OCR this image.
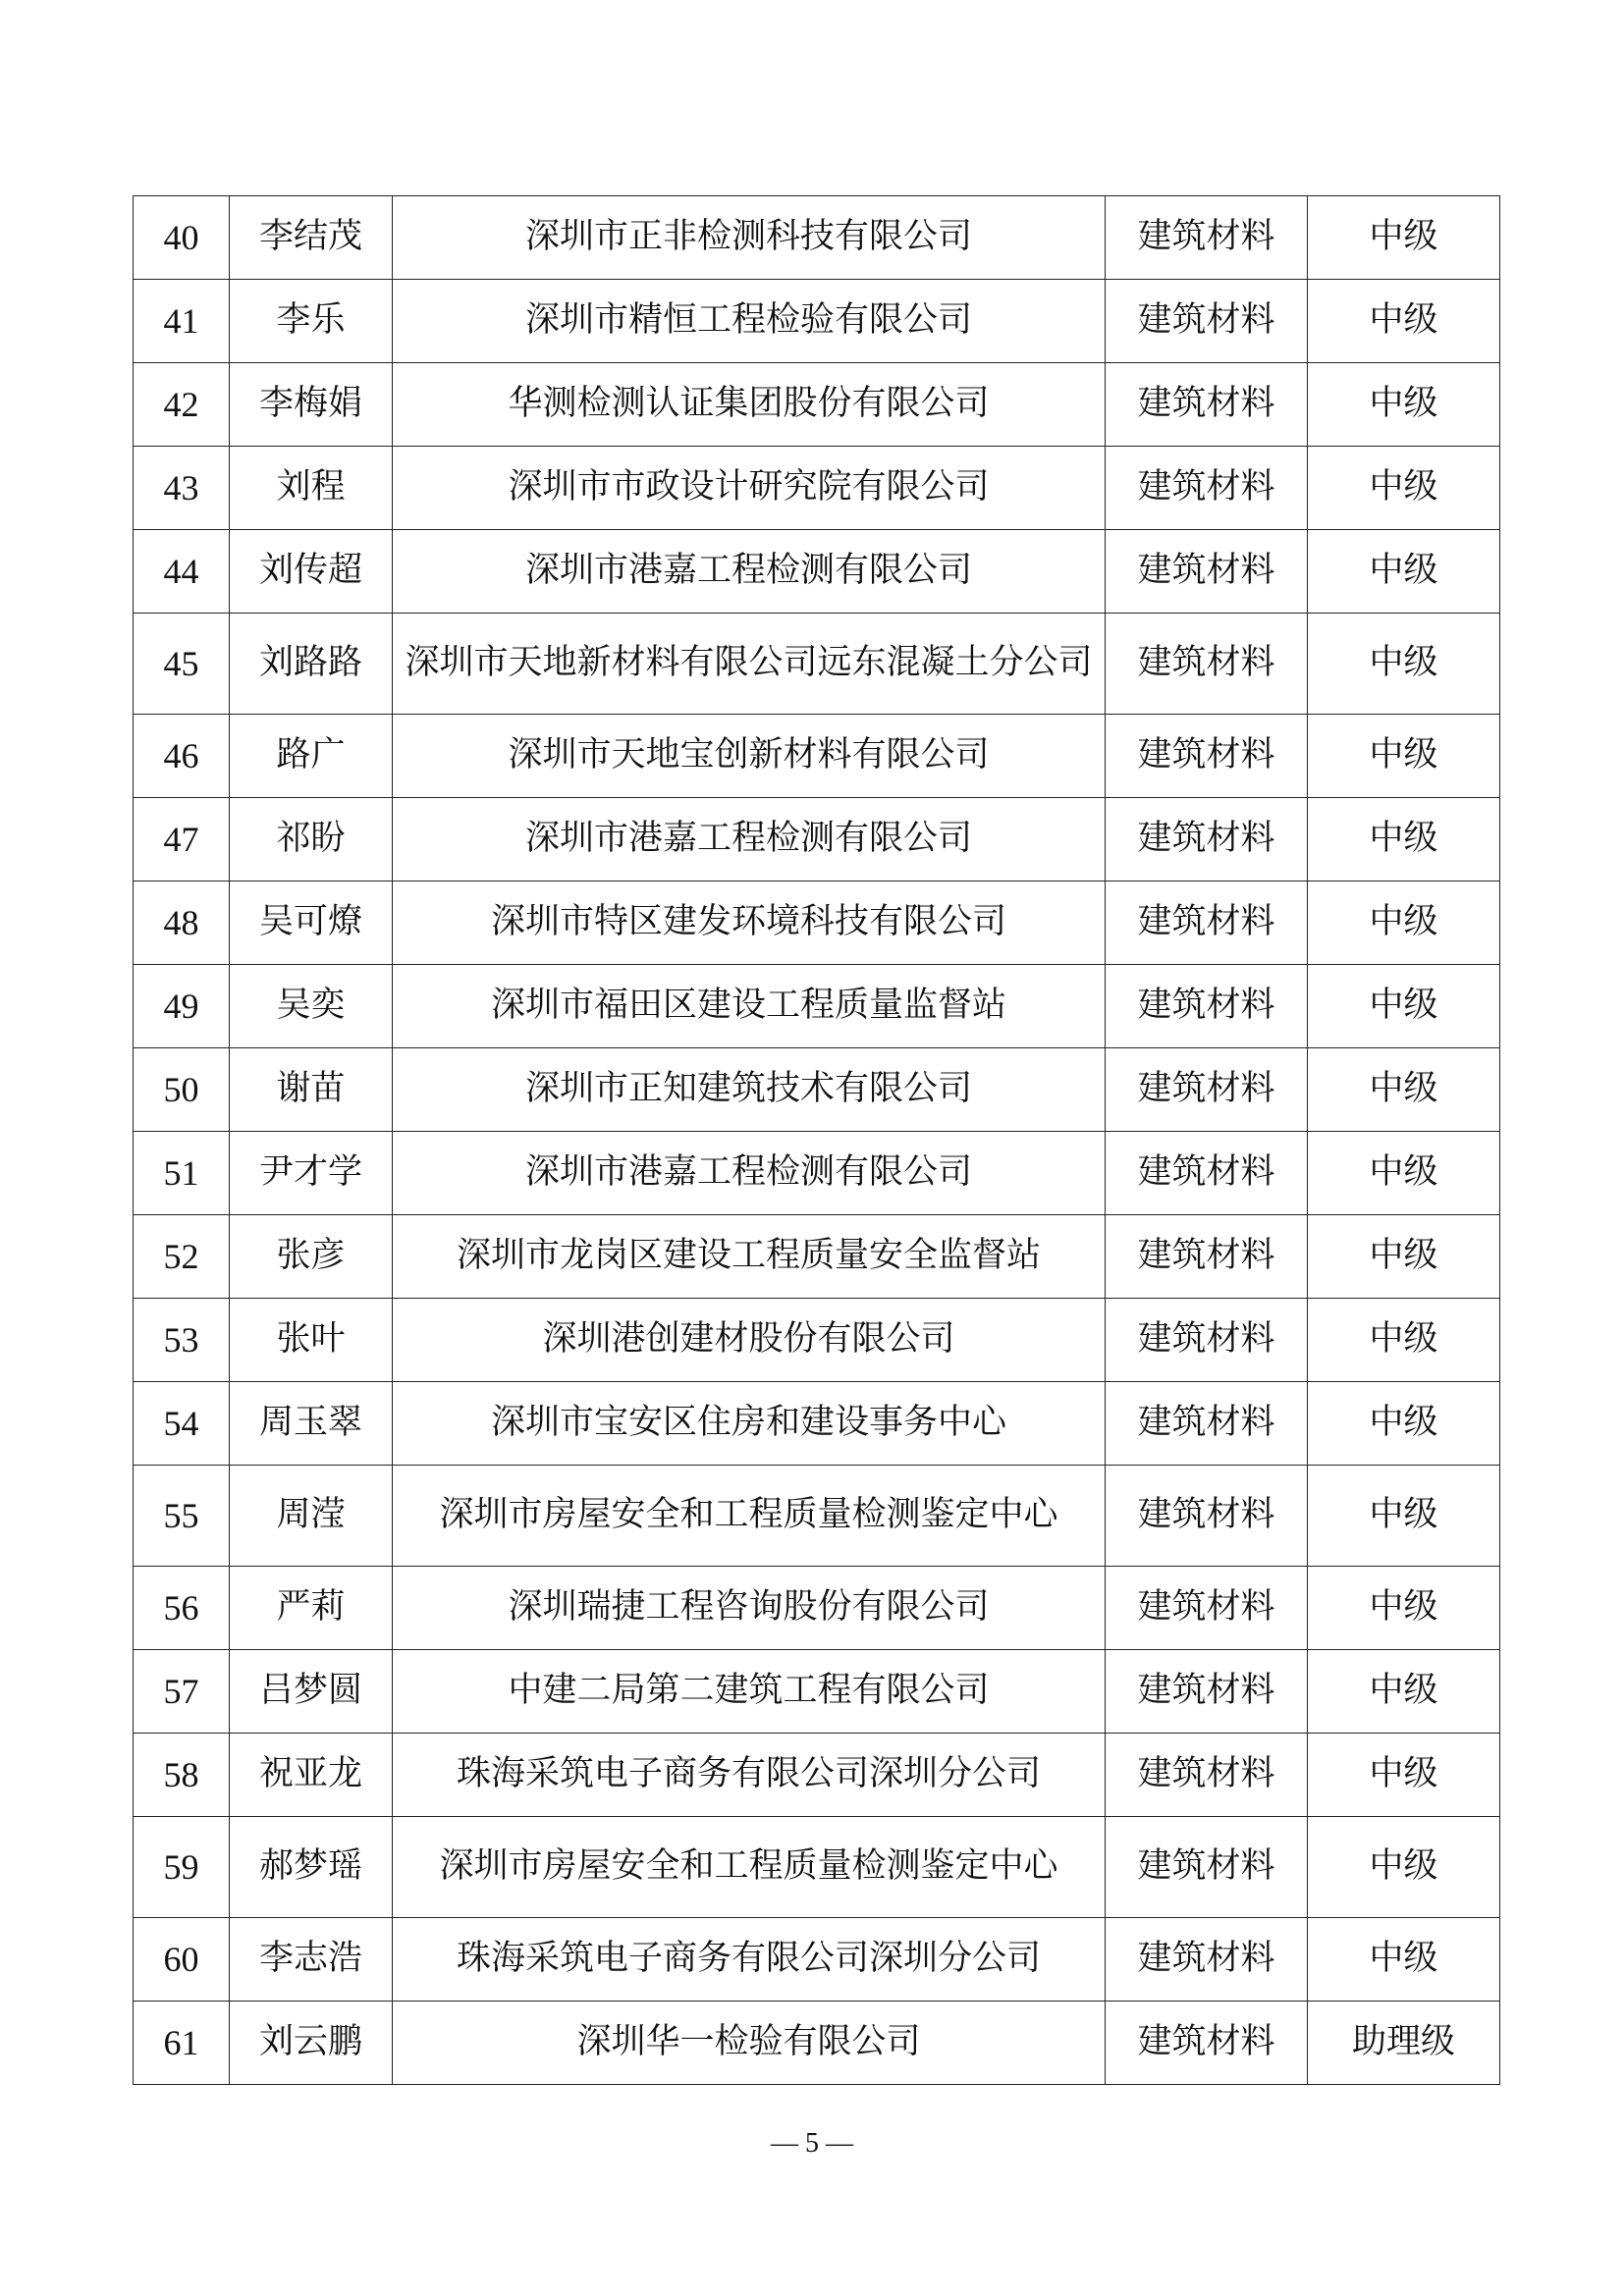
40	李结茂	深圳市正非检测科技有限公司	建筑材料	中级
41	李乐	深圳市精恒工程检验有限公司	建筑材料	中级
42	李梅娟	华测检测认证集团股份有限公司	建筑材料	中级
43	刘程	深圳市市政设计研究院有限公司	建筑材料	中级
44	刘传超	深圳市港嘉工程检测有限公司	建筑材料	中级
45	刘路路	深圳市天地新材料有限公司远东混凝土分公司	建筑材料	中级
46	路广	深圳市天地宝创新材料有限公司	建筑材料	中级
47	祁盼	深圳市港嘉工程检测有限公司	建筑材料	中级
48	吴可燎	深圳市特区建发环境科技有限公司	建筑材料	中级
49	吴奕	深圳市福田区建设工程质量监督站	建筑材料	中级
50	谢苗	深圳市正知建筑技术有限公司	建筑材料	中级
51	尹才学	深圳市港嘉工程检测有限公司	建筑材料	中级
52	张彦	深圳市龙岗区建设工程质量安全监督站	建筑材料	中级
53	张叶	深圳港创建材股份有限公司	建筑材料	中级
54	周玉翠	深圳市宝安区住房和建设事务中心	建筑材料	中级
55	周滢	深圳市房屋安全和工程质量检测鉴定中心	建筑材料	中级
56	严莉	深圳瑞捷工程咨询股份有限公司	建筑材料	中级
57	吕梦圆	中建二局第二建筑工程有限公司	建筑材料	中级
58	祝亚龙	珠海采筑电子商务有限公司深圳分公司	建筑材料	中级
59	郝梦瑶	深圳市房屋安全和工程质量检测鉴定中心	建筑材料	中级
60	李志浩	珠海采筑电子商务有限公司深圳分公司	建筑材料	中级
61	刘云鹏	深圳华一检验有限公司	建筑材料	助理级
— 5 —
